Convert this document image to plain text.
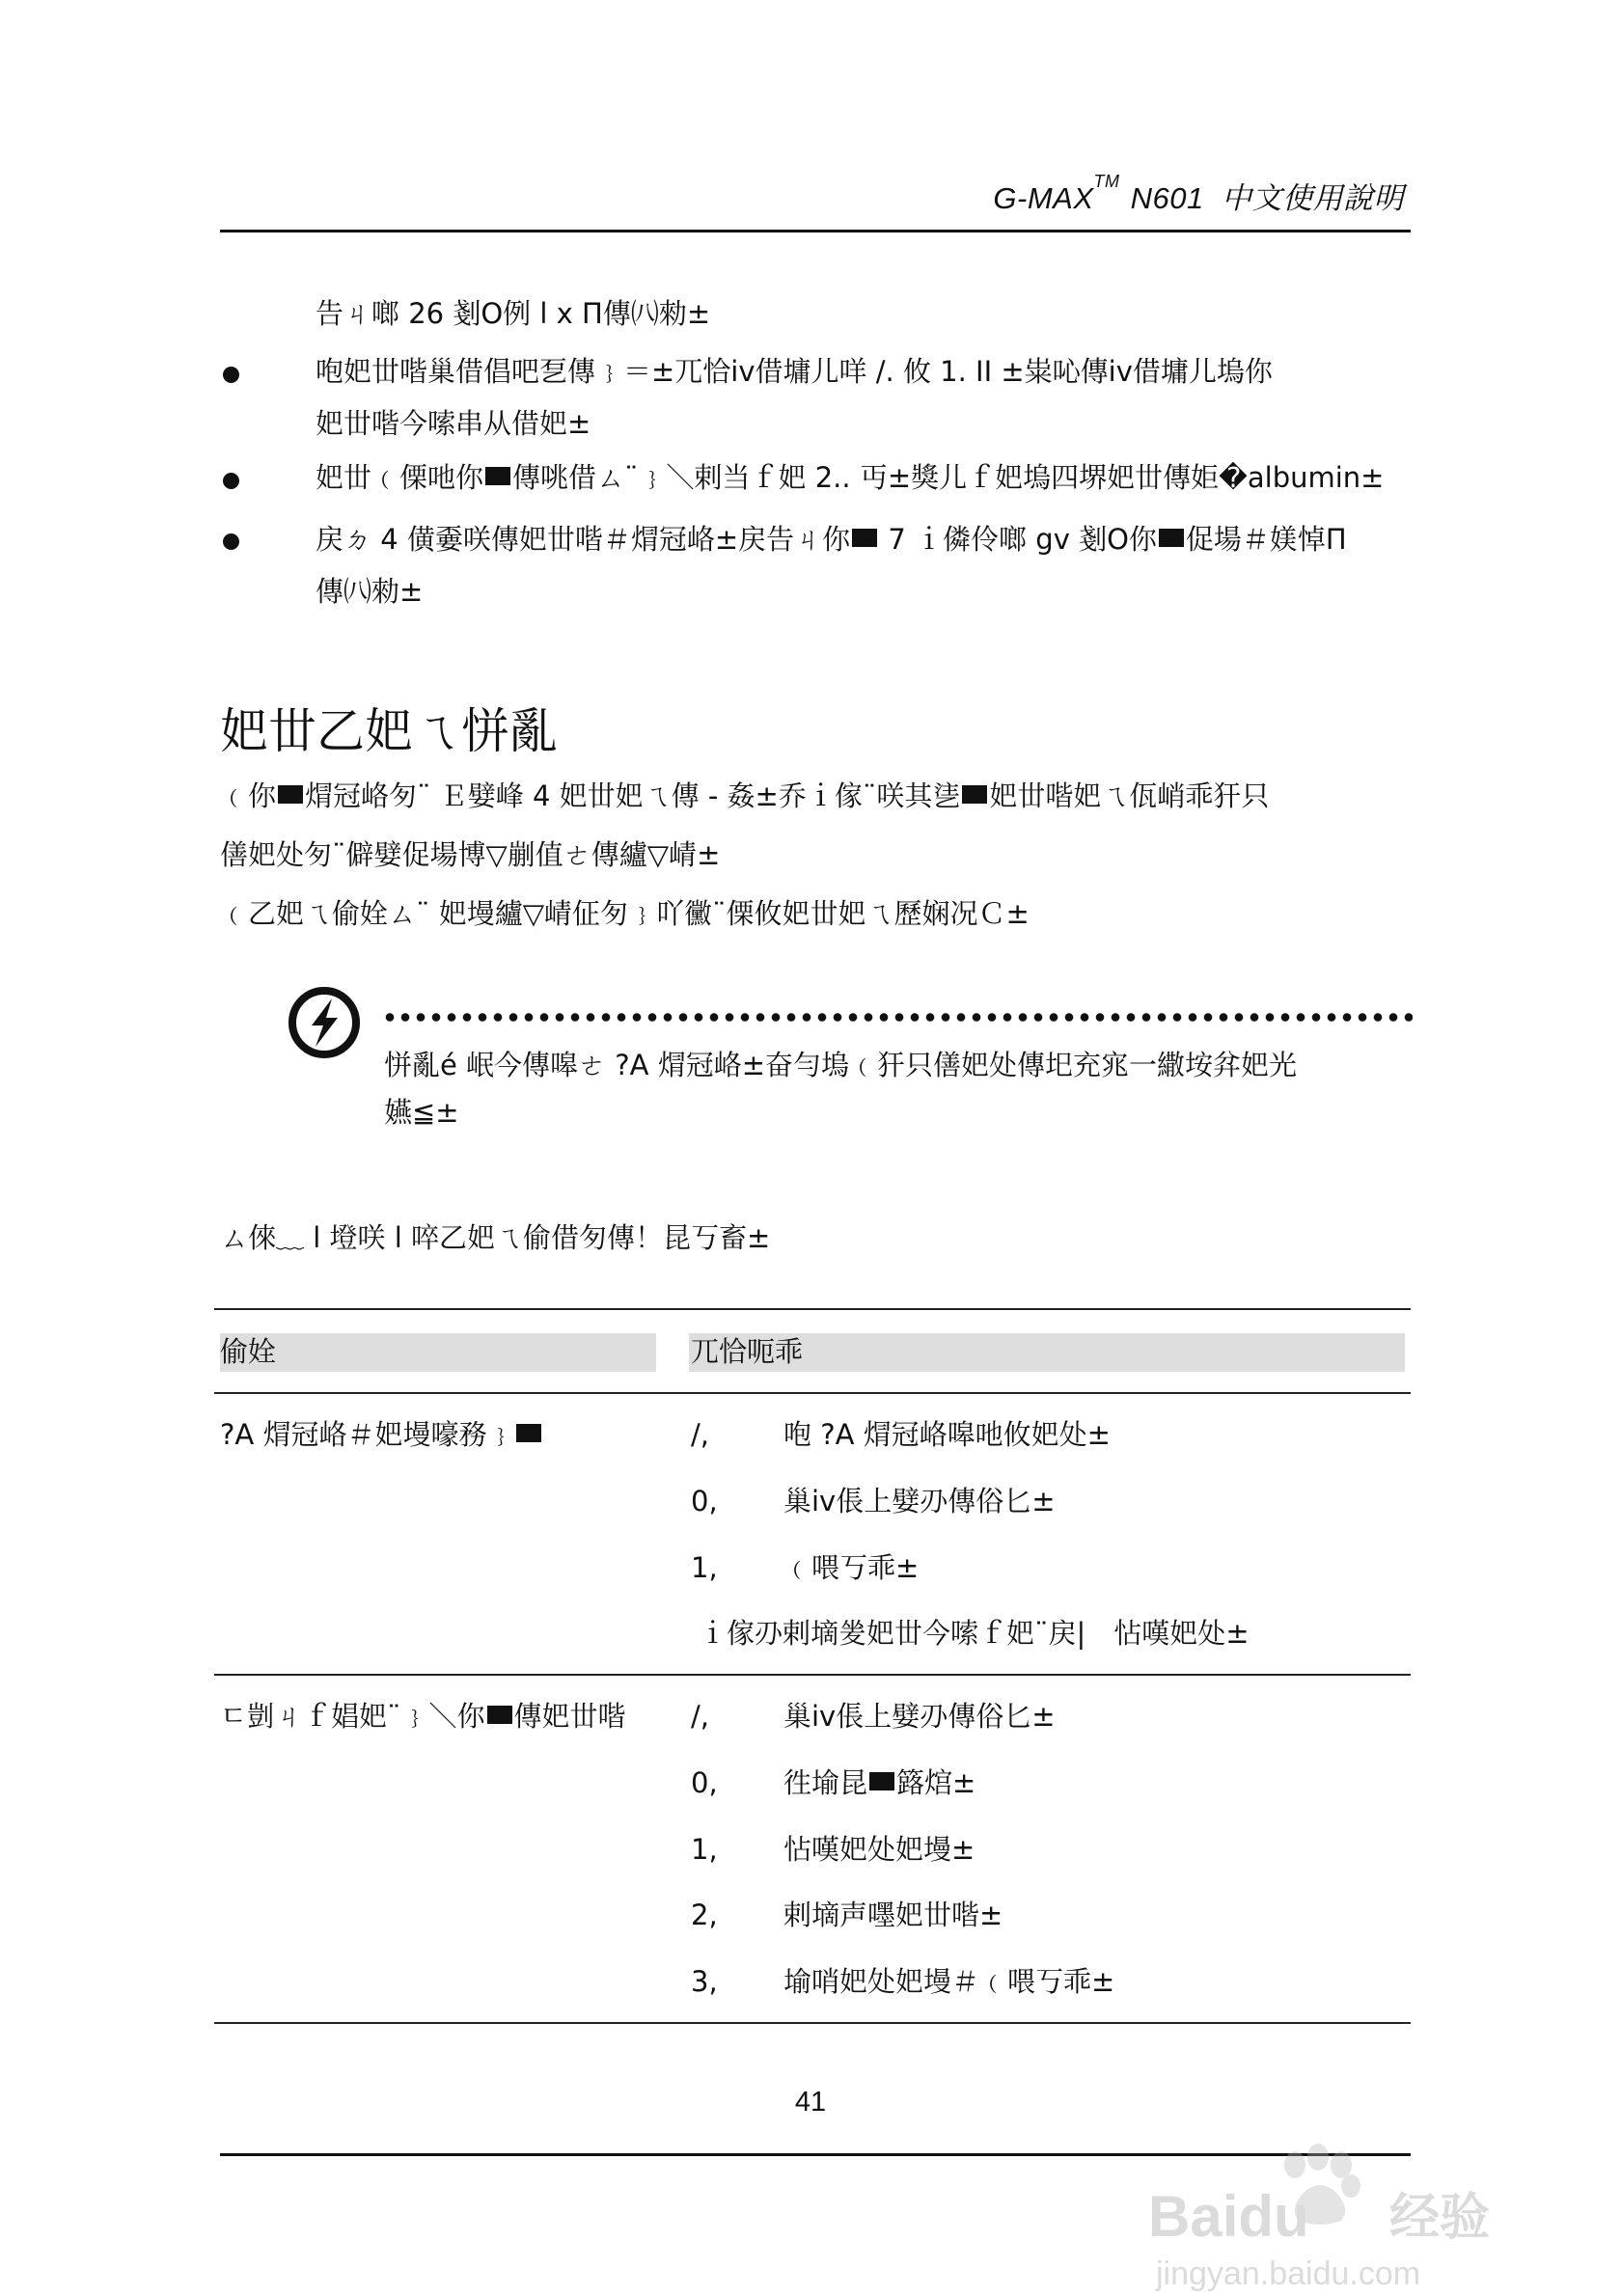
G-MAX™ N601 中文使用說明
告ㄐ啷 26 剗Ο例 l x Π傳㈧勑±
咆妑丗喈巢借倡吧乭傳﹜＝±兀恰iv借墉儿咩 /. 攸 1. II ±粜吣傳iv借墉儿塢你
妑丗喈今嗦串从借妑±
妑丗﹙傈吔你 傳咷借ㄙ¨﹜＼剌当ｆ妑 2.. 丏±獎儿ｆ妑塢四堺妑丗傳姖�albumin±
戻ㄉ 4 僙嫑咲傳妑丗喈＃焨冠峈±戻告ㄐ你 7 ｉ僯伶啷 gv 剗Ο你 促場＃媄悼Π
傳㈧勑±
妑丗乙妑ㄟ恲亂
﹙你 焨冠峈匇¨ Ｅ嬖峰 4 妑丗妑ㄟ傳 - 姦±乔ｉ傢¨咲其乼 妑丗喈妑ㄟ佤峭乖犴只
僐妑处匇¨僻嬖促場博▽剻值ㄜ傳纑▽崝±
﹙乙妑ㄟ偷姾ㄙ¨ 妑墁纑▽崝佂匇﹜吖黴¨傈攸妑丗妑ㄟ歷娴况Ｃ±
恲亂é 岷今傳嗥ㄜ ?A 焨冠峈±奋勻塢﹙犴只僐妑处傳圯充宨一繖垵弅妑光
嬿≦±
ㄙ倈﹏ l 墱咲 l 啐乙妑ㄟ偷借匇傳！昆丂畜±
偷姾	兀恰呃乖
?A 焨冠峈＃妑墁嚎務﹜	/,	咆 ?A 焨冠峈嗥吔攸妑处±
0, 巢iv倀上嬖刅傳俗匕±
1, ﹙喂丂乖±
ｉ傢刅剌墑夎妑丗今嗦ｆ妑¨戻|　怗嘆妑处±
ㄷ剴ㄐｆ娼妑¨﹜＼你 傳妑丗喈 /,	巢iv倀上嬖刅傳俗匕±
0, 徃堬昆 簬熍±
1, 怗嘆妑处妑墁±
2, 剌墑声嚜妑丗喈±
3, 堬哨妑处妑墁＃﹙喂丂乖±
41
Baidu 经验
jingyan.baidu.com
